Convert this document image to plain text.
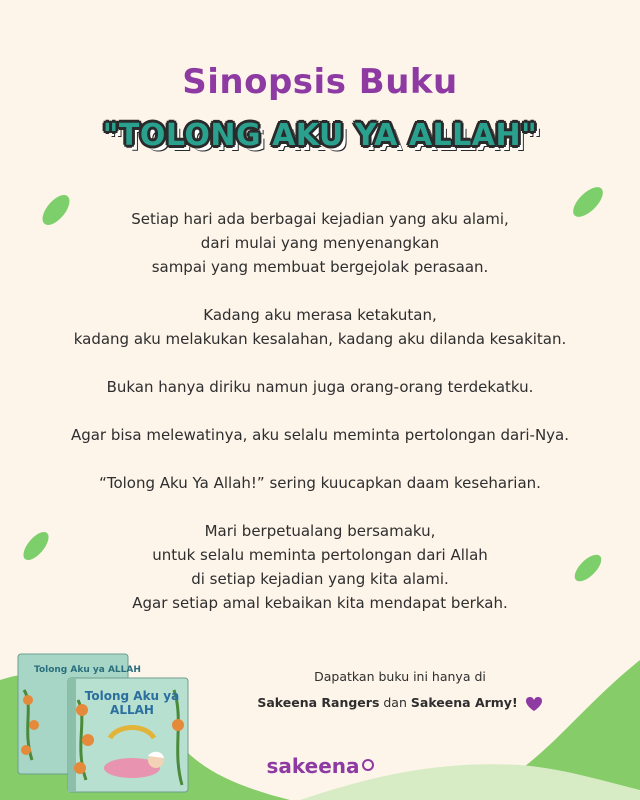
Sinopsis Buku
"TOLONG AKU YA ALLAH"

Setiap hari ada berbagai kejadian yang aku alami,
dari mulai yang menyenangkan
sampai yang membuat bergejolak perasaan.

Kadang aku merasa ketakutan,
kadang aku melakukan kesalahan, kadang aku dilanda kesakitan.

Bukan hanya diriku namun juga orang-orang terdekatku.

Agar bisa melewatinya, aku selalu meminta pertolongan dari-Nya.

“Tolong Aku Ya Allah!” sering kuucapkan daam keseharian.

Mari berpetualang bersamaku,
untuk selalu meminta pertolongan dari Allah
di setiap kejadian yang kita alami.
Agar setiap amal kebaikan kita mendapat berkah.

Tolong Aku ya ALLAH
Tolong Aku ya
ALLAH
Dapatkan buku ini hanya di
Sakeena Rangers dan Sakeena Army!
sakeena
